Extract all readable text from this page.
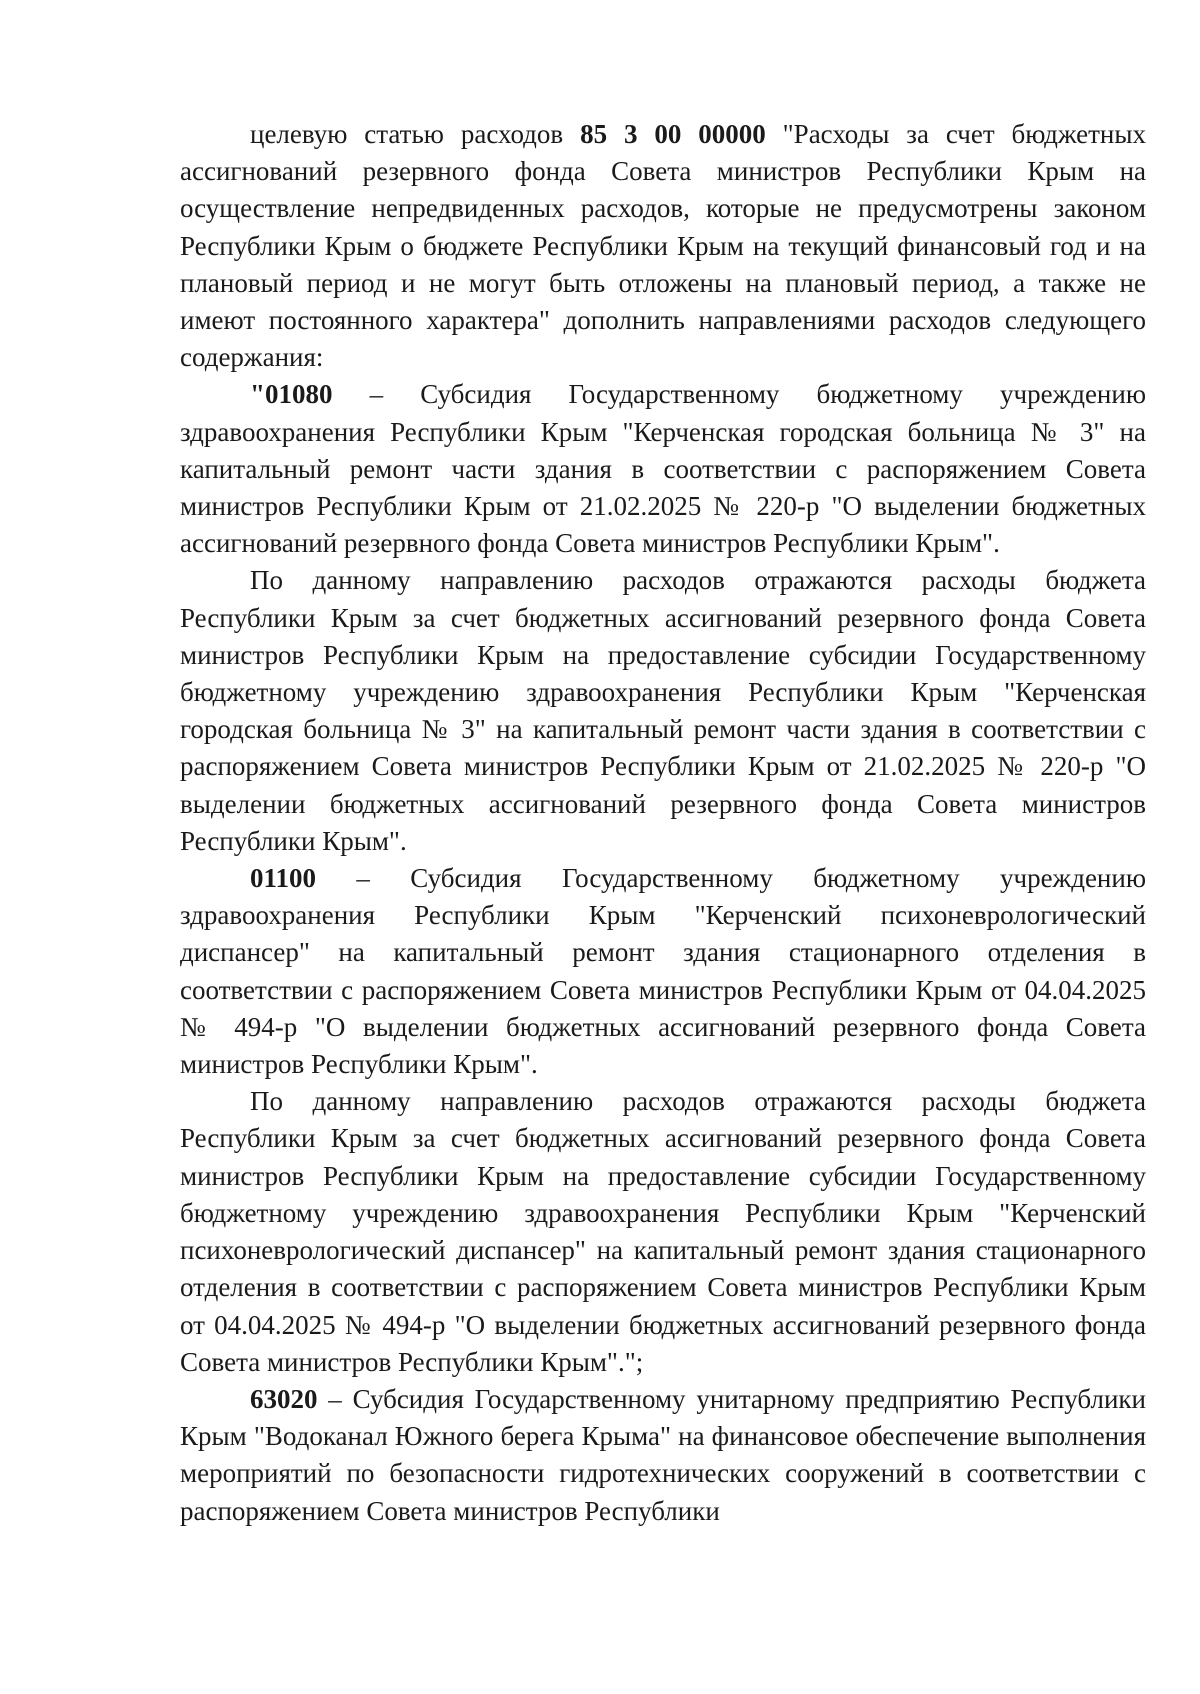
целевую статью расходов 85 3 00 00000 "Расходы за счет бюджетных ассигнований резервного фонда Совета министров Республики Крым на осуществление непредвиденных расходов, которые не предусмотрены законом Республики Крым о бюджете Республики Крым на текущий финансовый год и на плановый период и не могут быть отложены на плановый период, а также не имеют постоянного характера" дополнить направлениями расходов следующего содержания:

"01080 – Субсидия Государственному бюджетному учреждению здравоохранения Республики Крым "Керченская городская больница № 3" на капитальный ремонт части здания в соответствии с распоряжением Совета министров Республики Крым от 21.02.2025 № 220-р "О выделении бюджетных ассигнований резервного фонда Совета министров Республики Крым".

По данному направлению расходов отражаются расходы бюджета Республики Крым за счет бюджетных ассигнований резервного фонда Совета министров Республики Крым на предоставление субсидии Государственному бюджетному учреждению здравоохранения Республики Крым "Керченская городская больница № 3" на капитальный ремонт части здания в соответствии с распоряжением Совета министров Республики Крым от 21.02.2025 № 220-р "О выделении бюджетных ассигнований резервного фонда Совета министров Республики Крым".

01100 – Субсидия Государственному бюджетному учреждению здравоохранения Республики Крым "Керченский психоневрологический диспансер" на капитальный ремонт здания стационарного отделения в соответствии с распоряжением Совета министров Республики Крым от 04.04.2025 № 494-р "О выделении бюджетных ассигнований резервного фонда Совета министров Республики Крым".

По данному направлению расходов отражаются расходы бюджета Республики Крым за счет бюджетных ассигнований резервного фонда Совета министров Республики Крым на предоставление субсидии Государственному бюджетному учреждению здравоохранения Республики Крым "Керченский психоневрологический диспансер" на капитальный ремонт здания стационарного отделения в соответствии с распоряжением Совета министров Республики Крым от 04.04.2025 № 494-р "О выделении бюджетных ассигнований резервного фонда Совета министров Республики Крым".";

63020 – Субсидия Государственному унитарному предприятию Республики Крым "Водоканал Южного берега Крыма" на финансовое обеспечение выполнения мероприятий по безопасности гидротехнических сооружений в соответствии с распоряжением Совета министров Республики
